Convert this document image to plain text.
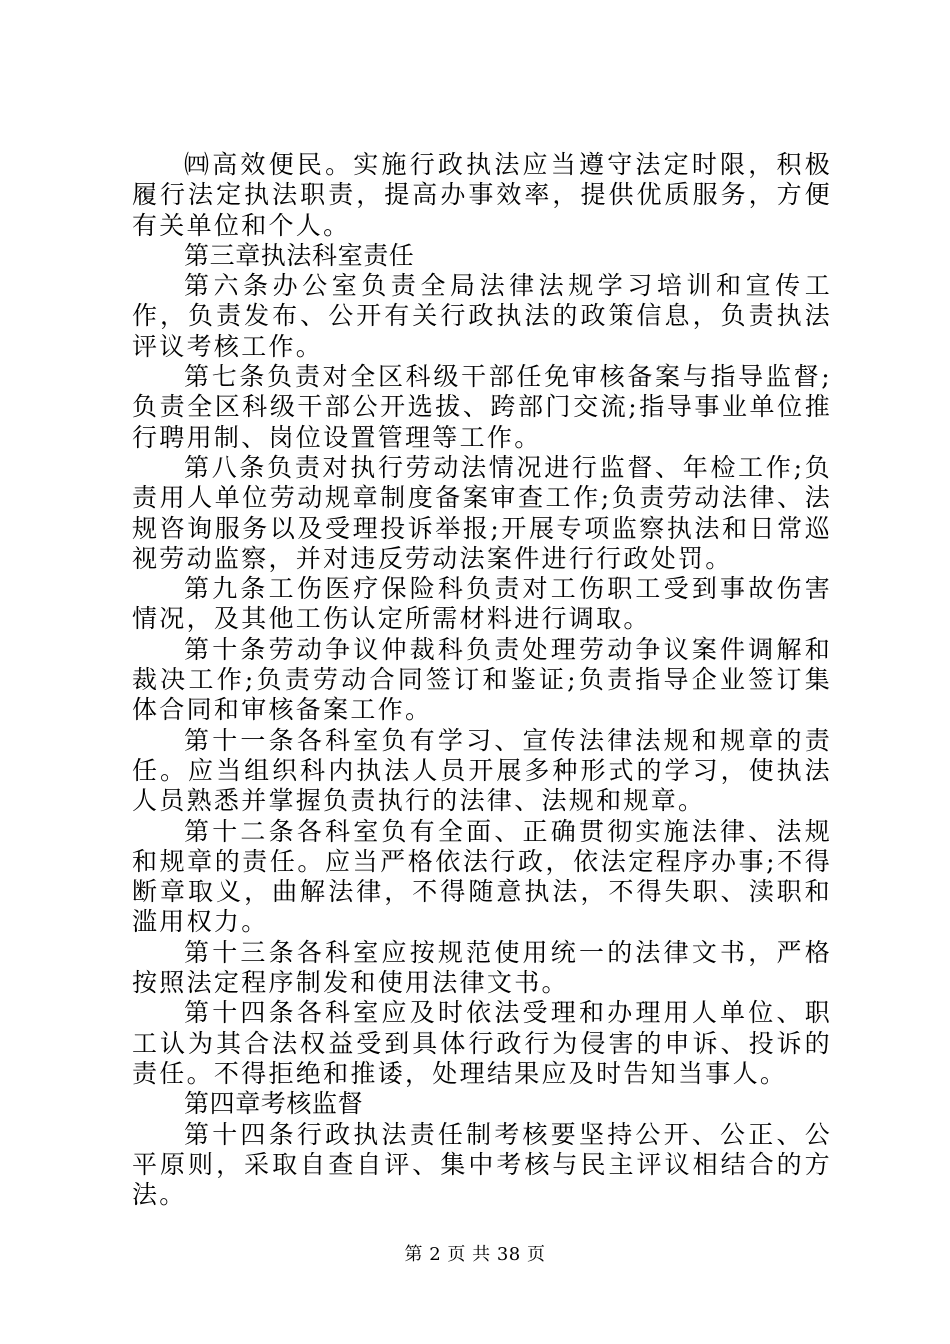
㈣高效便民。实施行政执法应当遵守法定时限，积极履行法定执法职责，提高办事效率，提供优质服务，方便有关单位和个人。

第三章执法科室责任

第六条办公室负责全局法律法规学习培训和宣传工作，负责发布、公开有关行政执法的政策信息，负责执法评议考核工作。

第七条负责对全区科级干部任免审核备案与指导监督;负责全区科级干部公开选拔、跨部门交流;指导事业单位推行聘用制、岗位设置管理等工作。

第八条负责对执行劳动法情况进行监督、年检工作;负责用人单位劳动规章制度备案审查工作;负责劳动法律、法规咨询服务以及受理投诉举报;开展专项监察执法和日常巡视劳动监察，并对违反劳动法案件进行行政处罚。

第九条工伤医疗保险科负责对工伤职工受到事故伤害情况，及其他工伤认定所需材料进行调取。

第十条劳动争议仲裁科负责处理劳动争议案件调解和裁决工作;负责劳动合同签订和鉴证;负责指导企业签订集体合同和审核备案工作。

第十一条各科室负有学习、宣传法律法规和规章的责任。应当组织科内执法人员开展多种形式的学习，使执法人员熟悉并掌握负责执行的法律、法规和规章。

第十二条各科室负有全面、正确贯彻实施法律、法规和规章的责任。应当严格依法行政，依法定程序办事;不得断章取义，曲解法律，不得随意执法，不得失职、渎职和滥用权力。

第十三条各科室应按规范使用统一的法律文书，严格按照法定程序制发和使用法律文书。

第十四条各科室应及时依法受理和办理用人单位、职工认为其合法权益受到具体行政行为侵害的申诉、投诉的责任。不得拒绝和推诿，处理结果应及时告知当事人。

第四章考核监督

第十四条行政执法责任制考核要坚持公开、公正、公平原则，采取自查自评、集中考核与民主评议相结合的方法。

第 2 页 共 38 页
